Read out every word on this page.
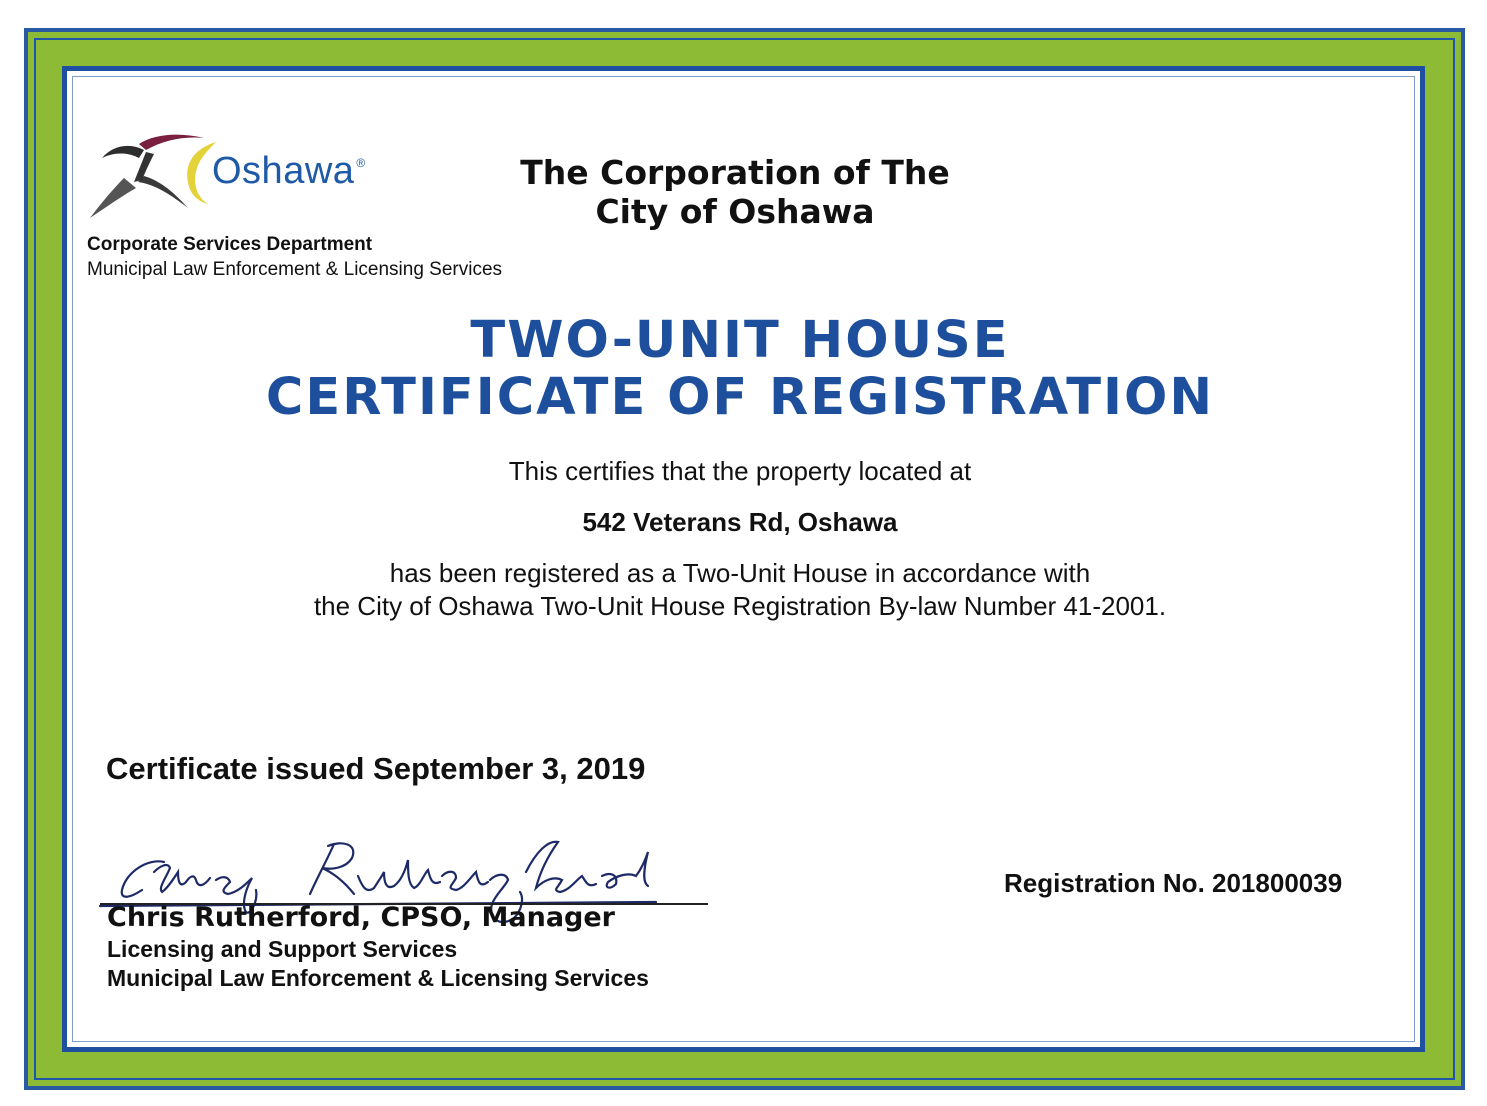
Oshawa ®
Corporate Services Department
Municipal Law Enforcement & Licensing Services
The Corporation of The
City of Oshawa
TWO-UNIT HOUSE
CERTIFICATE OF REGISTRATION
This certifies that the property located at
542 Veterans Rd, Oshawa
has been registered as a Two-Unit House in accordance with
the City of Oshawa Two-Unit House Registration By-law Number 41-2001.
Certificate issued September 3, 2019
Chris Rutherford, CPSO, Manager
Licensing and Support Services
Municipal Law Enforcement & Licensing Services
Registration No. 201800039
